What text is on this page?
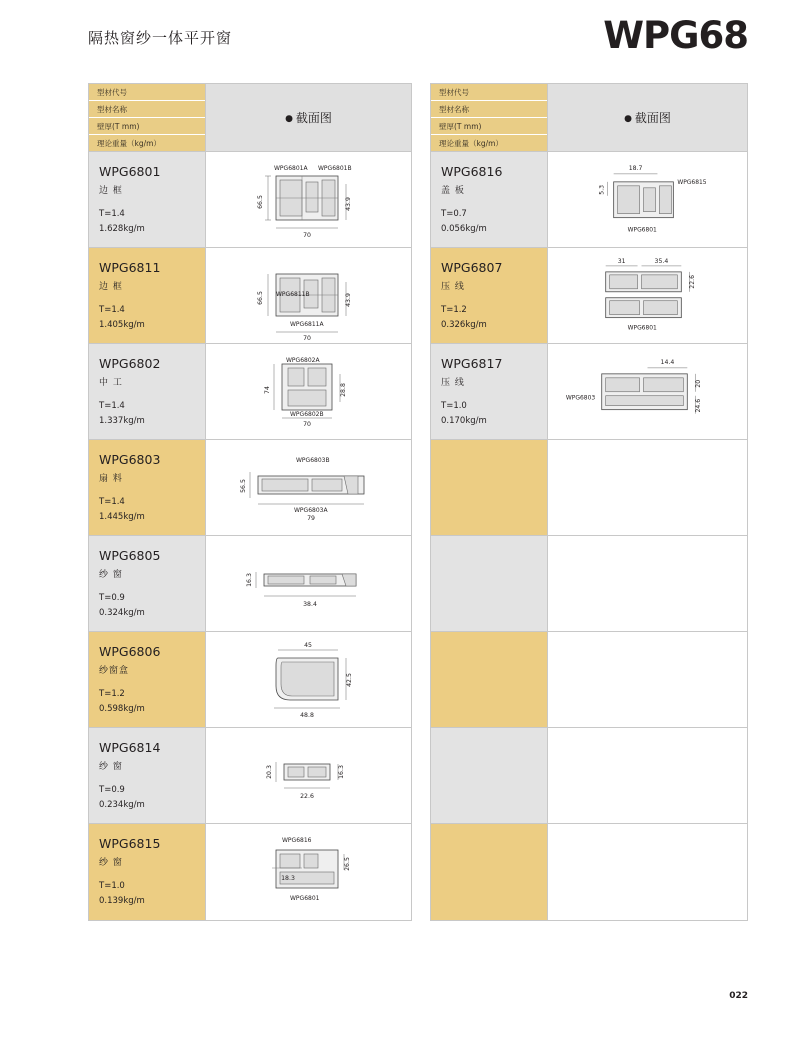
隔热窗纱一体平开窗	WPG68
型材代号
型材名称
壁厚(T mm)
理论重量（kg/m）
● 截面图
WPG6801
边 框
T=1.4
1.628kg/m
66.5	43.9
70
WPG6801A WPG6801B
WPG6811
边 框
T=1.4
1.405kg/m
66.5	43.9
70
WPG6811B
WPG6811A
WPG6802
中 工
T=1.4
1.337kg/m
74	28.8
70
WPG6802A
WPG6802B
WPG6803
扇 料
T=1.4
1.445kg/m
56.5
79
WPG6803B
WPG6803A
WPG6805
纱 窗
T=0.9
0.324kg/m
16.3
38.4
WPG6806
纱窗盒
T=1.2
0.598kg/m
45
42.5
48.8
WPG6814
纱 窗
T=0.9
0.234kg/m
20.3	16.3
22.6
WPG6815
纱 窗
T=1.0
0.139kg/m
18.3
26.5
WPG6816
WPG6801
型材代号
型材名称
壁厚(T mm)
理论重量（kg/m）
● 截面图
WPG6816
盖 板
T=0.7
0.056kg/m
18.7
5.3
WPG6815
WPG6801
WPG6807
压 线
T=1.2
0.326kg/m
31	35.4
22.6
WPG6801
WPG6817
压 线
T=1.0
0.170kg/m
14.4
20
24.6
WPG6803
022
